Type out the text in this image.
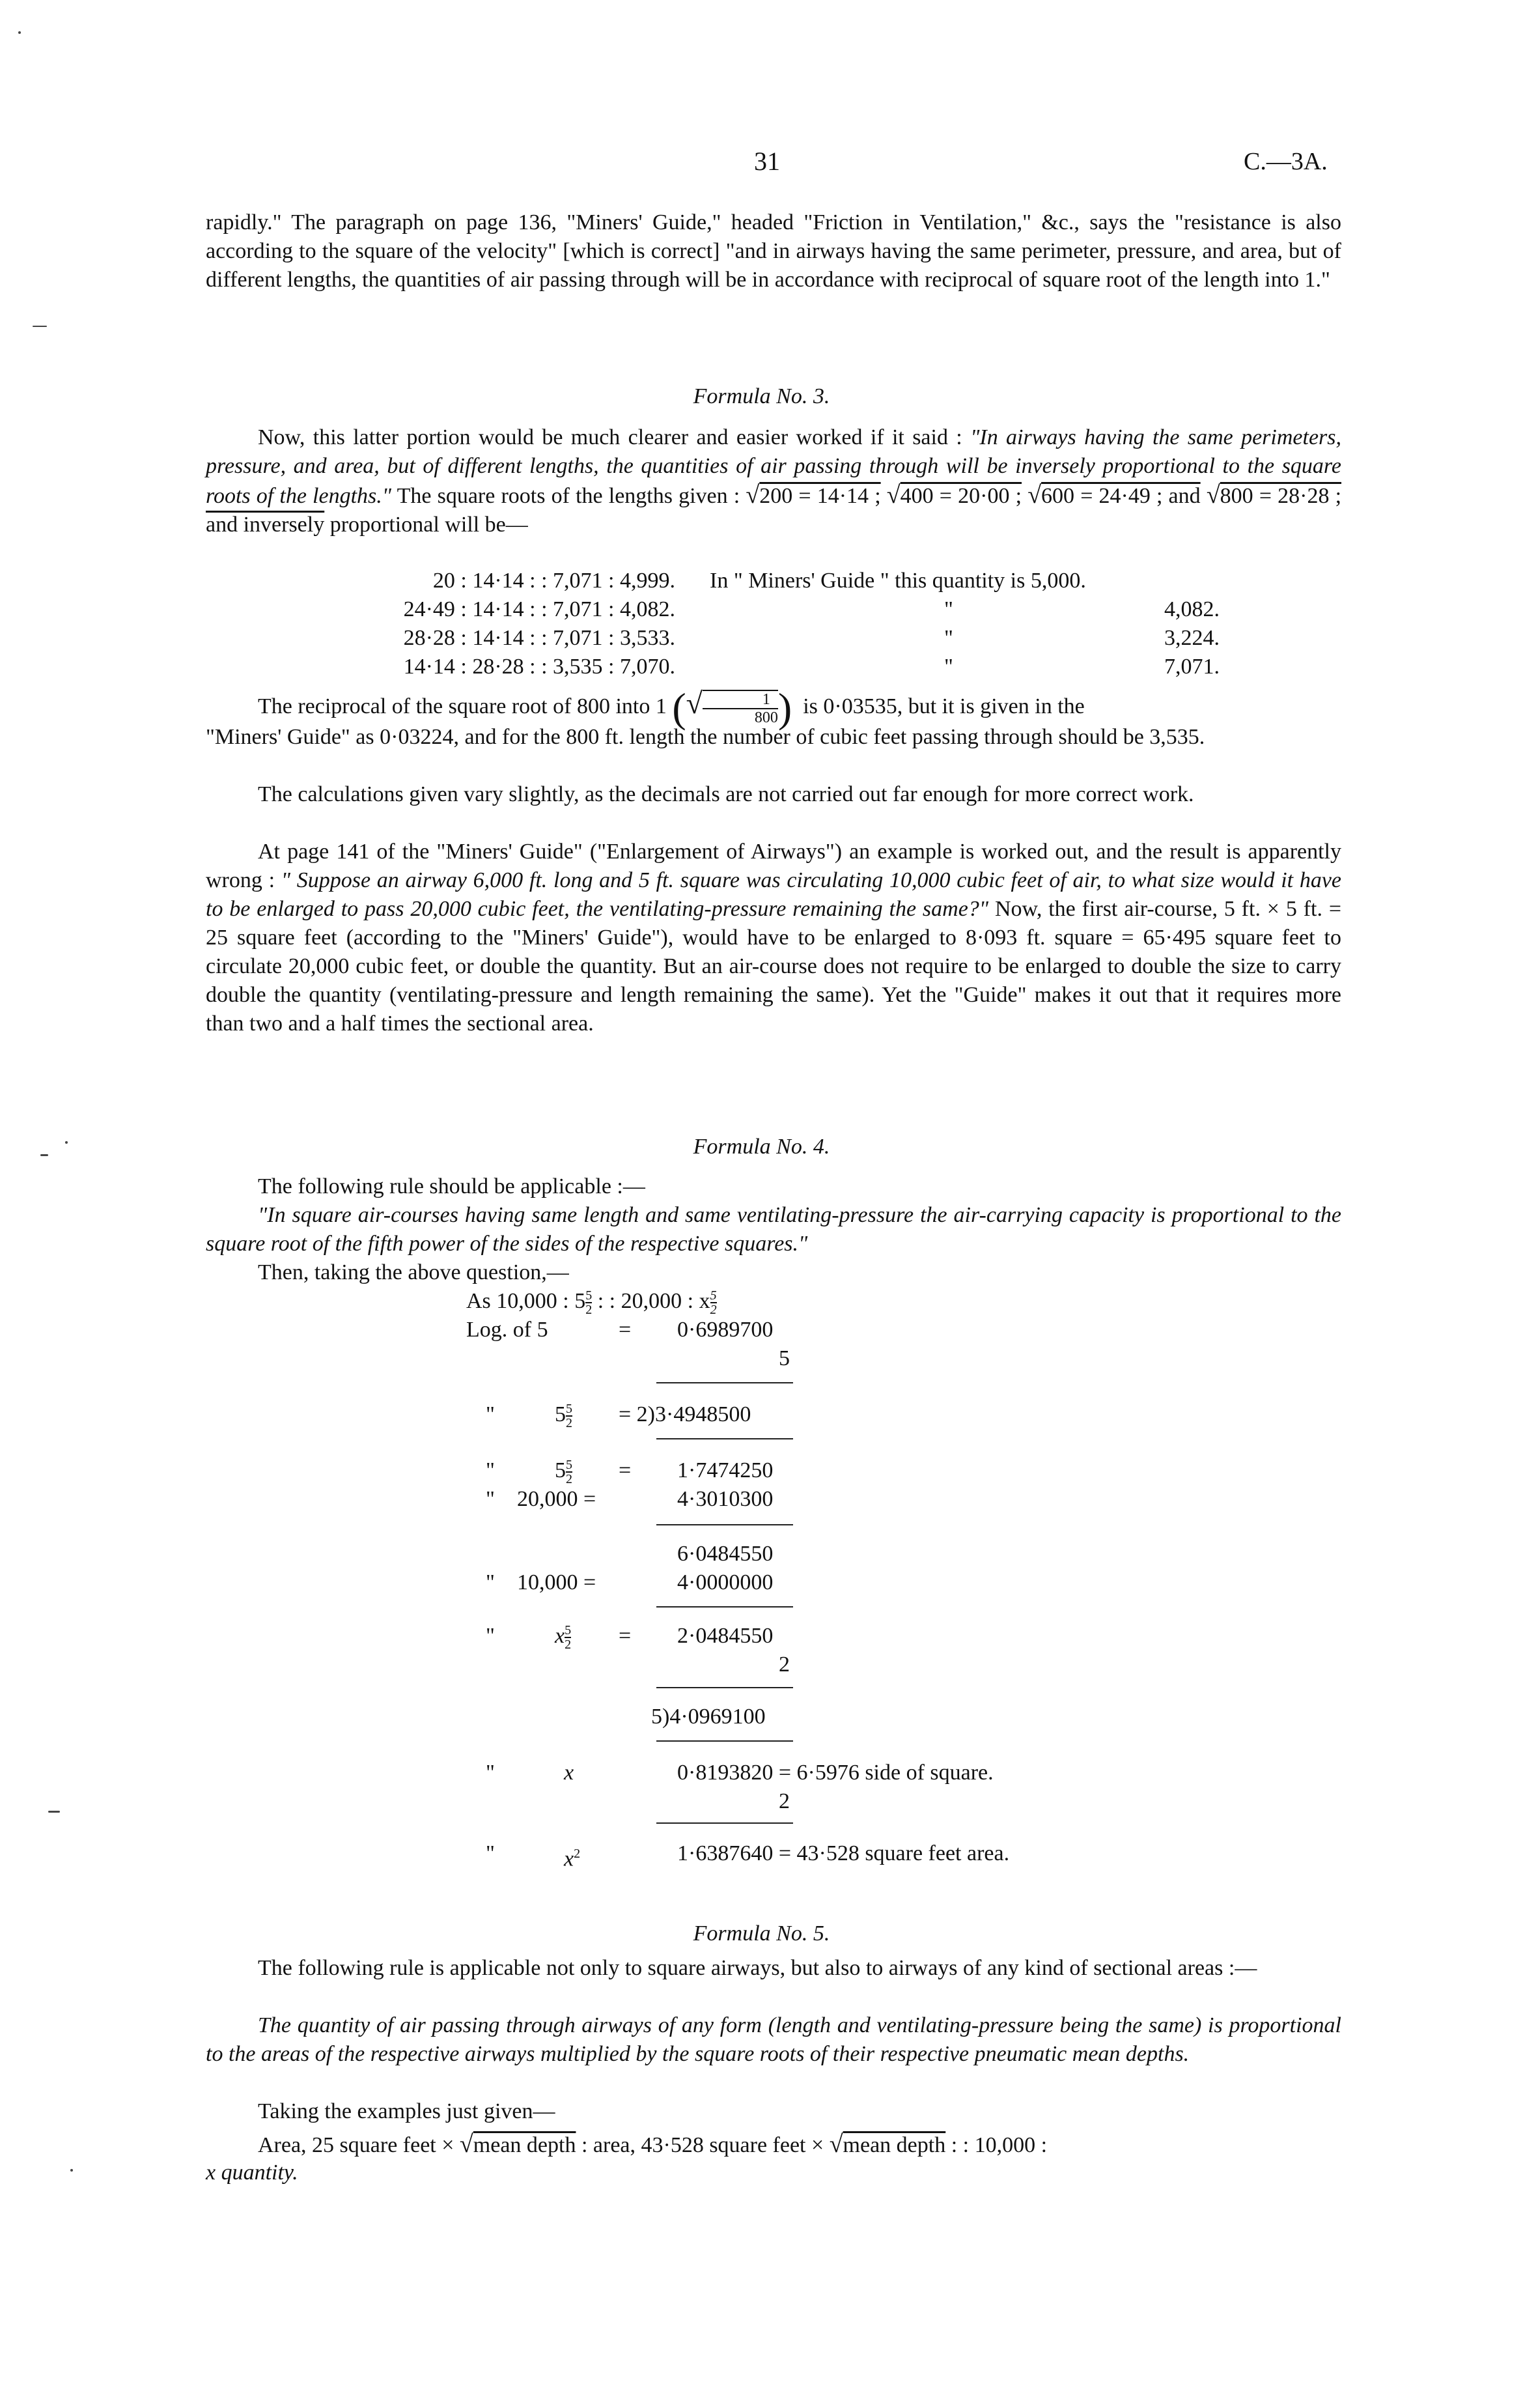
31	C.—3A.
rapidly." The paragraph on page 136, "Miners' Guide," headed "Friction in Ventilation," &c., says the "resistance is also according to the square of the velocity" [which is correct] "and in airways having the same perimeter, pressure, and area, but of different lengths, the quantities of air passing through will be in accordance with reciprocal of square root of the length into 1."
Formula No. 3.
Now, this latter portion would be much clearer and easier worked if it said : "In airways having the same perimeters, pressure, and area, but of different lengths, the quantities of air passing through will be inversely proportional to the square roots of the lengths." The square roots of the lengths given : √200 = 14·14 ; √400 = 20·00 ; √600 = 24·49 ; and √800 = 28·28 ; and inversely proportional will be—
20 : 14·14 : : 7,071 : 4,999. In " Miners' Guide " this quantity is 5,000.
24·49 : 14·14 : : 7,071 : 4,082.	"	4,082.
28·28 : 14·14 : : 7,071 : 3,533.	"	3,224.
14·14 : 28·28 : : 3,535 : 7,070.	"	7,071.
The reciprocal of the square root of 800 into 1 (√ $\frac{1}{800}$ ) is 0·03535, but it is given in the
"Miners' Guide" as 0·03224, and for the 800 ft. length the number of cubic feet passing through should be 3,535.
The calculations given vary slightly, as the decimals are not carried out far enough for more correct work.
At page 141 of the "Miners' Guide" ("Enlargement of Airways") an example is worked out, and the result is apparently wrong : " Suppose an airway 6,000 ft. long and 5 ft. square was circulating 10,000 cubic feet of air, to what size would it have to be enlarged to pass 20,000 cubic feet, the ventilating-pressure remaining the same?" Now, the first air-course, 5 ft. × 5 ft. = 25 square feet (according to the "Miners' Guide"), would have to be enlarged to 8·093 ft. square = 65·495 square feet to circulate 20,000 cubic feet, or double the quantity. But an air-course does not require to be enlarged to double the size to carry double the quantity (ventilating-pressure and length remaining the same). Yet the "Guide" makes it out that it requires more than two and a half times the sectional area.
Formula No. 4.
The following rule should be applicable :—
"In square air-courses having same length and same ventilating-pressure the air-carrying capacity is proportional to the square root of the fifth power of the sides of the respective squares."
Then, taking the above question,—
As 10,000 : $5 \frac{5}{2}$ : : 20,000 : x $\frac{5}{2}$
Log. of 5	= 0·6989700
5
"	$5 \frac{5}{2} = 2)3\cdot 4948500$
"	$5 \frac{5}{2} = 1\cdot 7474250$
" 20,000 =	4·3010300
6·0484550
" 10,000 =	4·0000000
"	x $\frac{5}{2} = 2\cdot 0484550$
2
5)4·0969100
"	x	0·8193820 = 6·5976 side of square.
2
"	$x^2$	1·6387640 = 43·528 square feet area.
Formula No. 5.
The following rule is applicable not only to square airways, but also to airways of any kind of sectional areas :—
The quantity of air passing through airways of any form (length and ventilating-pressure being the same) is proportional to the areas of the respective airways multiplied by the square roots of their respective pneumatic mean depths.
Taking the examples just given—
Area, 25 square feet × √mean depth : area, 43·528 square feet × √mean depth : : 10,000 :
x quantity.
